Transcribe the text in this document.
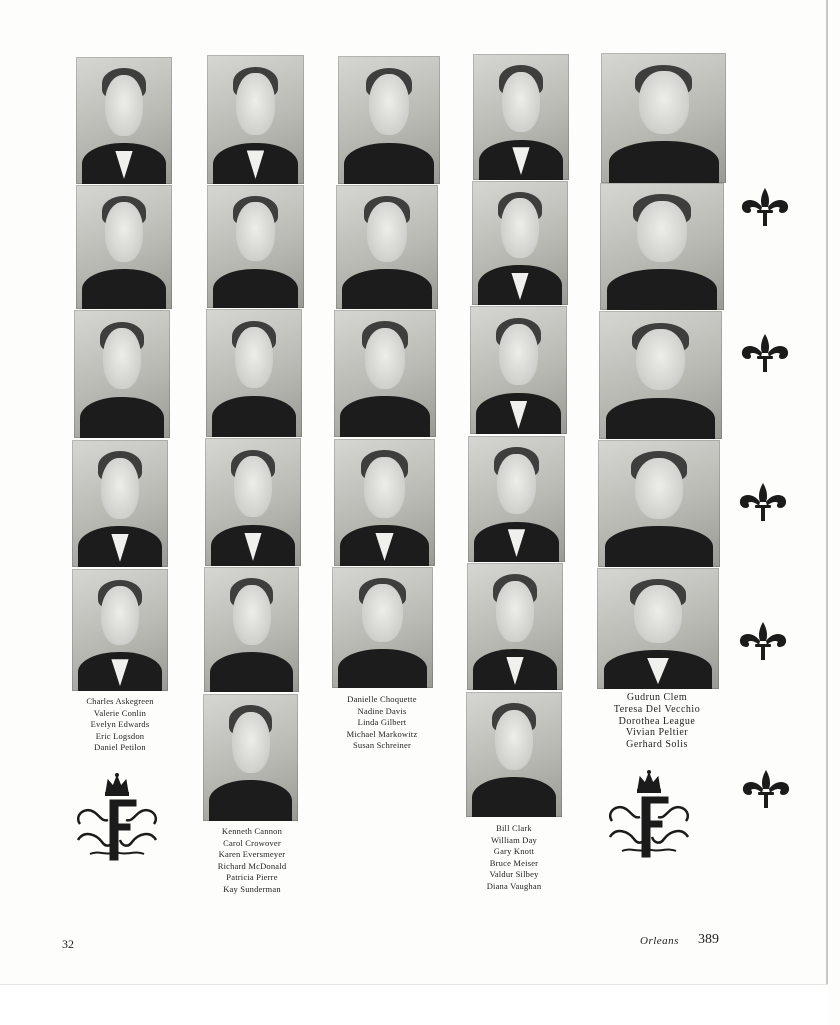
Charles Askegreen
Valerie Conlin
Evelyn Edwards
Eric Logsdon
Daniel Petilon
Kenneth Cannon
Carol Crowover
Karen Eversmeyer
Richard McDonald
Patricia Pierre
Kay Sunderman
Danielle Choquette
Nadine Davis
Linda Gilbert
Michael Markowitz
Susan Schreiner
Bill Clark
William Day
Gary Knott
Bruce Meiser
Valdur Silbey
Diana Vaughan
Gudrun Clem
Teresa Del Vecchio
Dorothea League
Vivian Peltier
Gerhard Solis
32	Orleans 389
